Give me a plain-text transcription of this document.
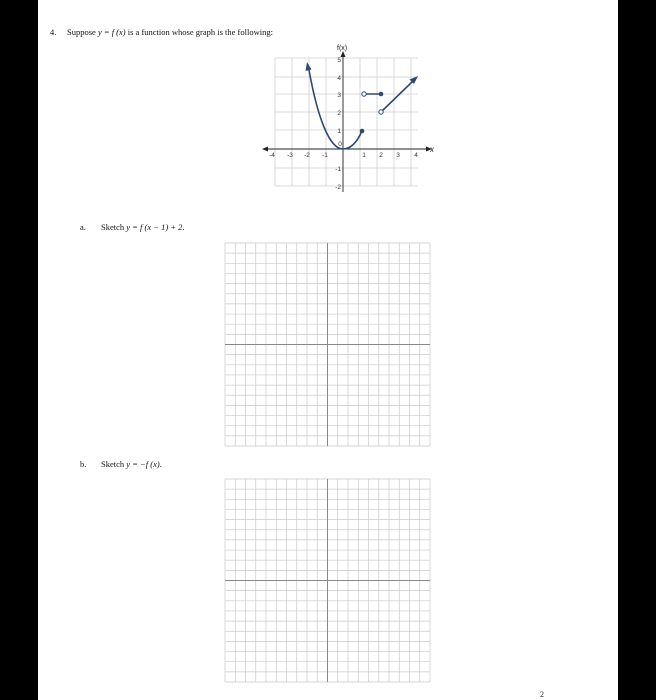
4. Suppose y = f (x) is a function whose graph is the following:
x
f(x)
-4 -3 -2 -1
0
1 2 3 4
5
4
3
2
1
-1
-2
a. Sketch y = f (x − 1) + 2.
b. Sketch y = −f (x).
2
